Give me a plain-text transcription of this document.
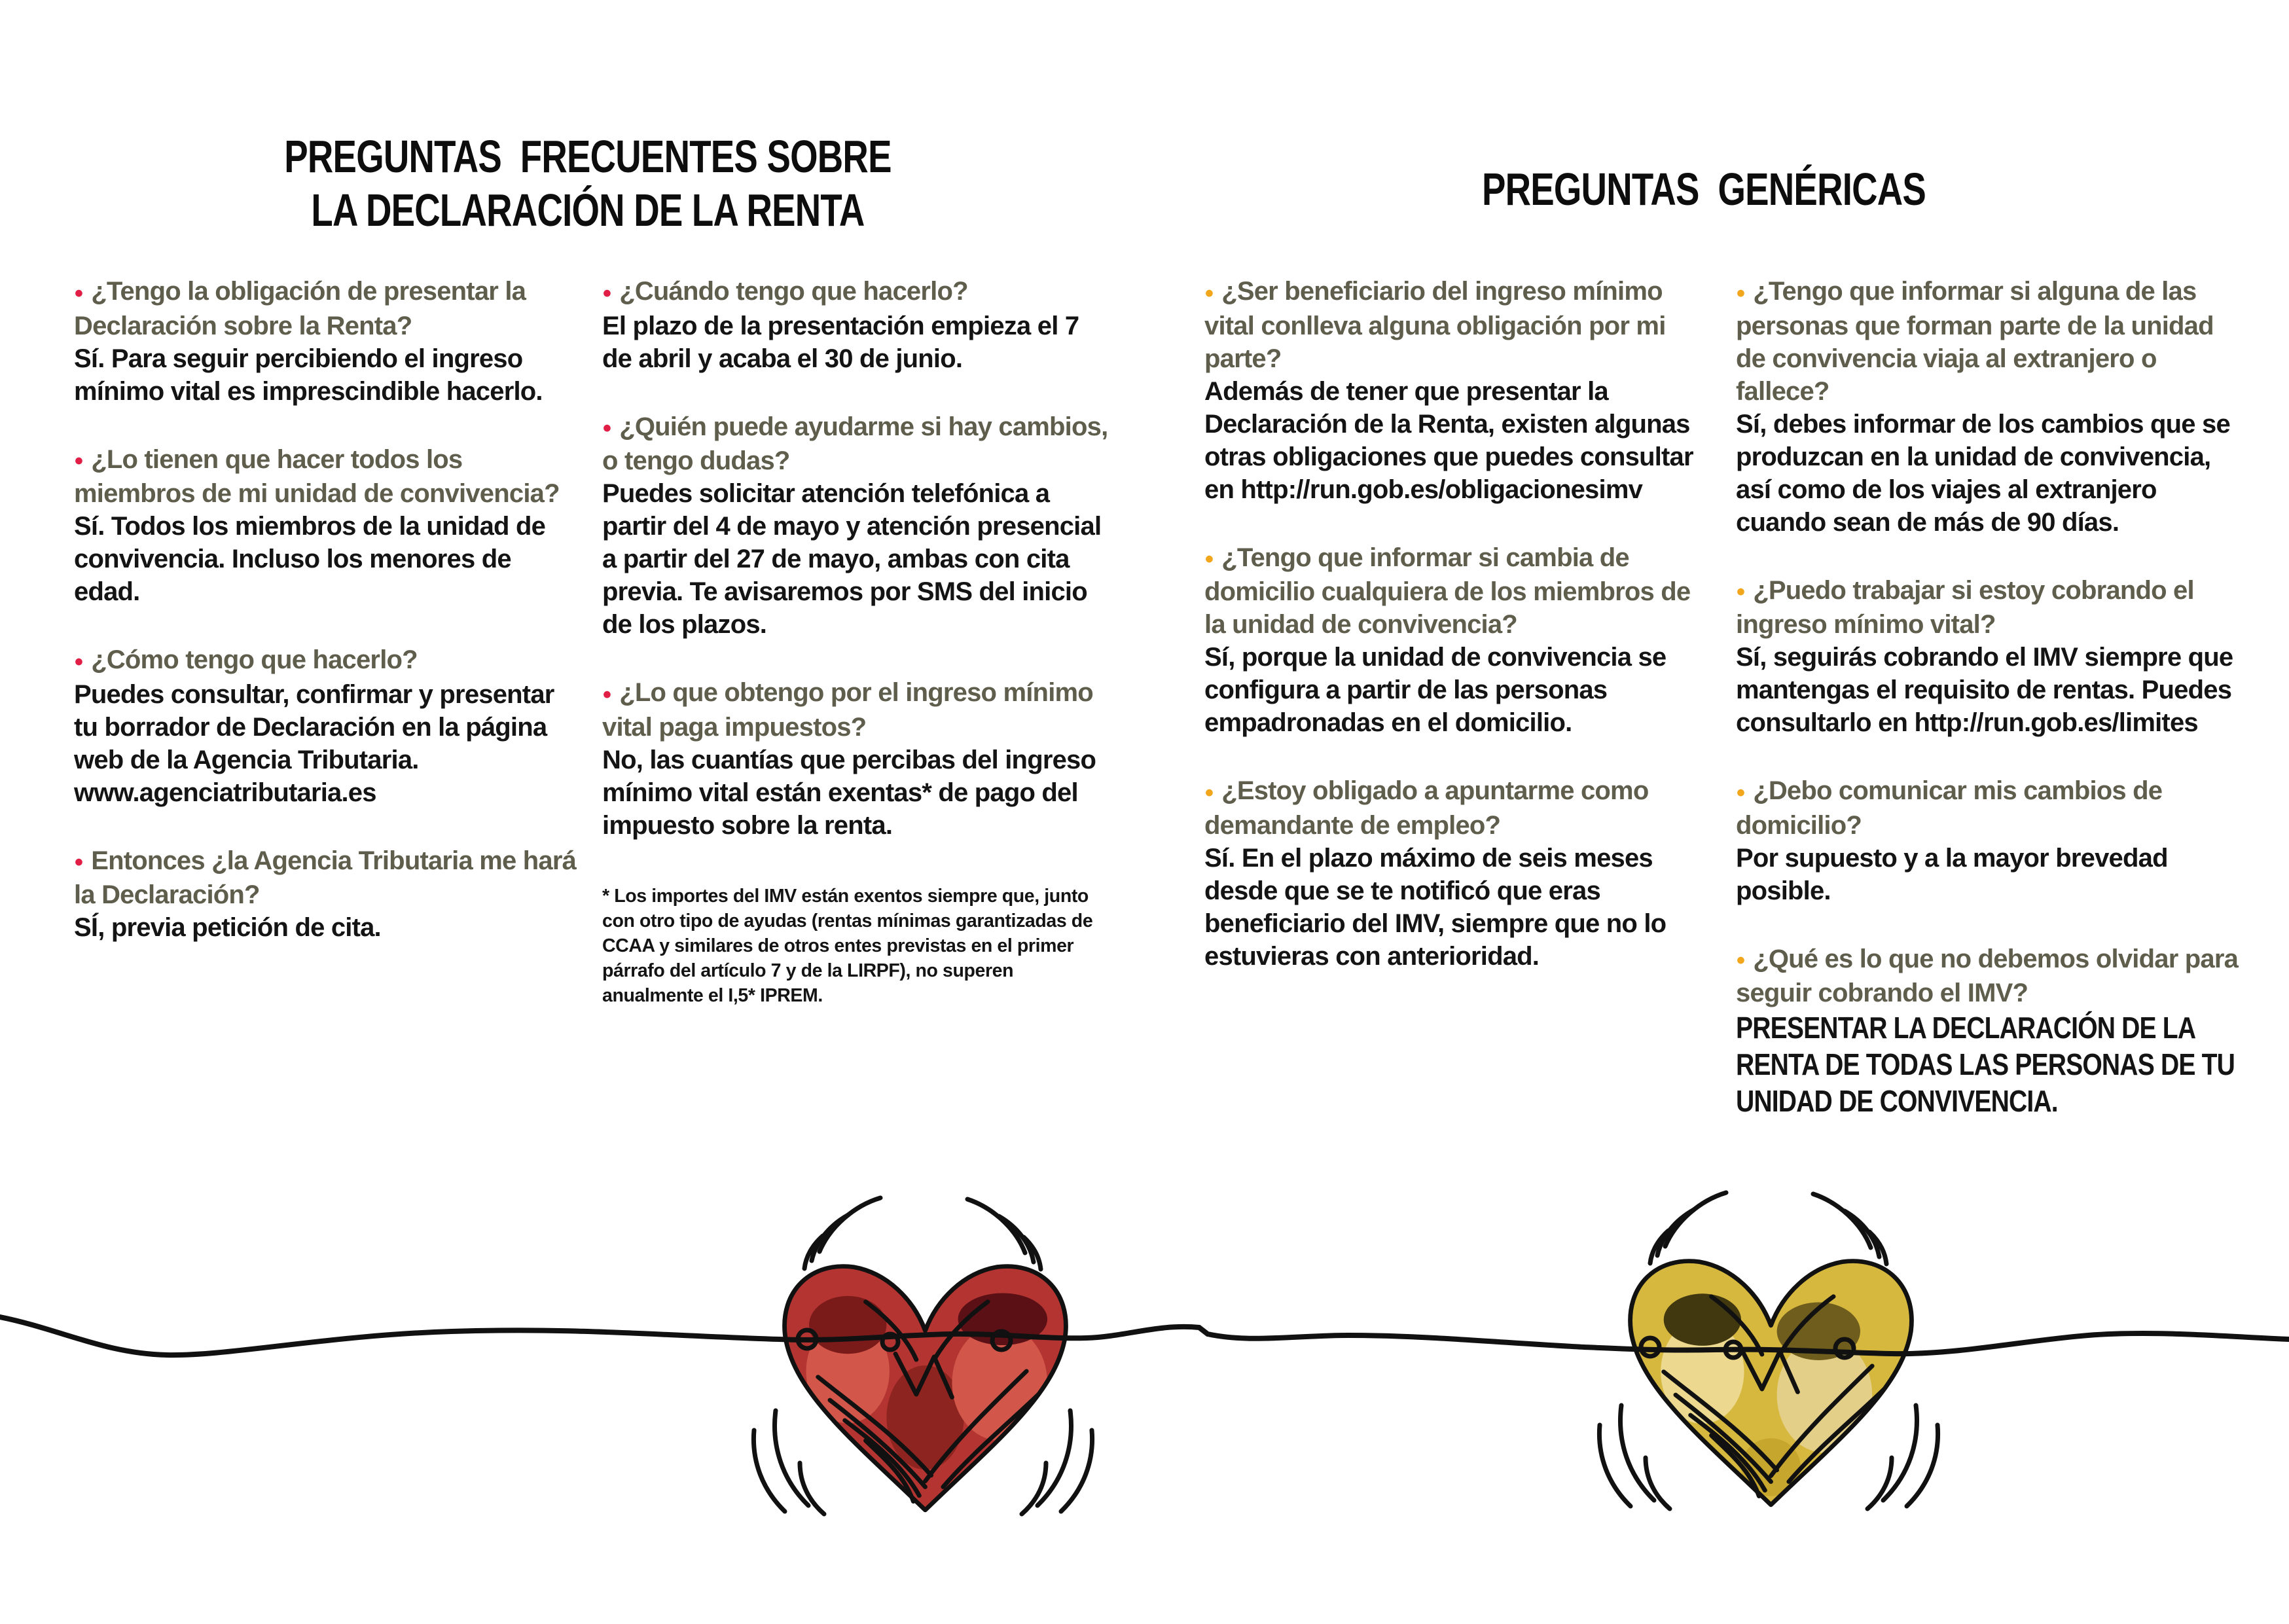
PREGUNTAS  FRECUENTES SOBRE
LA DECLARACIÓN DE LA RENTA	PREGUNTAS  GENÉRICAS

● ¿Tengo la obligación de presentar la Declaración sobre la Renta?

Sí. Para seguir percibiendo el ingreso mínimo vital es imprescindible hacerlo.

● ¿Lo tienen que hacer todos los miembros de mi unidad de convivencia?

Sí. Todos los miembros de la unidad de convivencia. Incluso los menores de edad.

● ¿Cómo tengo que hacerlo?

Puedes consultar, confirmar y presentar tu borrador de Declaración en la página web de la Agencia Tributaria. www.agenciatributaria.es

● Entonces ¿la Agencia Tributaria me hará la Declaración?

SÍ, previa petición de cita.

● ¿Cuándo tengo que hacerlo?

El plazo de la presentación empieza el 7 de abril y acaba el 30 de junio.

● ¿Quién puede ayudarme si hay cambios, o tengo dudas?

Puedes solicitar atención telefónica a partir del 4 de mayo y atención presencial a partir del 27 de mayo, ambas con cita previa. Te avisaremos por SMS del inicio de los plazos.

● ¿Lo que obtengo por el ingreso mínimo vital paga impuestos?

No, las cuantías que percibas del ingreso mínimo vital están exentas* de pago del impuesto sobre la renta.

* Los importes del IMV están exentos siempre que, junto con otro tipo de ayudas (rentas mínimas garantizadas de CCAA y similares de otros entes previstas en el primer párrafo del artículo 7 y de la LIRPF), no superen anualmente el I,5* IPREM.

● ¿Ser beneficiario del ingreso mínimo vital conlleva alguna obligación por mi parte?

Además de tener que presentar la Declaración de la Renta, existen algunas otras obligaciones que puedes consultar en http://run.gob.es/obligacionesimv

● ¿Tengo que informar si cambia de domicilio cualquiera de los miembros de la unidad de convivencia?

Sí, porque la unidad de convivencia se configura a partir de las personas empadronadas en el domicilio.

● ¿Estoy obligado a apuntarme como demandante de empleo?

Sí. En el plazo máximo de seis meses desde que se te notificó que eras beneficiario del IMV, siempre que no lo estuvieras con anterioridad.

● ¿Tengo que informar si alguna de las personas que forman parte de la unidad de convivencia viaja al extranjero o fallece?

Sí, debes informar de los cambios que se produzcan en la unidad de convivencia, así como de los viajes al extranjero cuando sean de más de 90 días.

● ¿Puedo trabajar si estoy cobrando el ingreso mínimo vital?

Sí, seguirás cobrando el IMV siempre que mantengas el requisito de rentas. Puedes consultarlo en http://run.gob.es/limites

● ¿Debo comunicar mis cambios de domicilio?

Por supuesto y a la mayor brevedad posible.

● ¿Qué es lo que no debemos olvidar para seguir cobrando el IMV?

PRESENTAR LA DECLARACIÓN DE LA RENTA DE TODAS LAS PERSONAS DE TU UNIDAD DE CONVIVENCIA.
